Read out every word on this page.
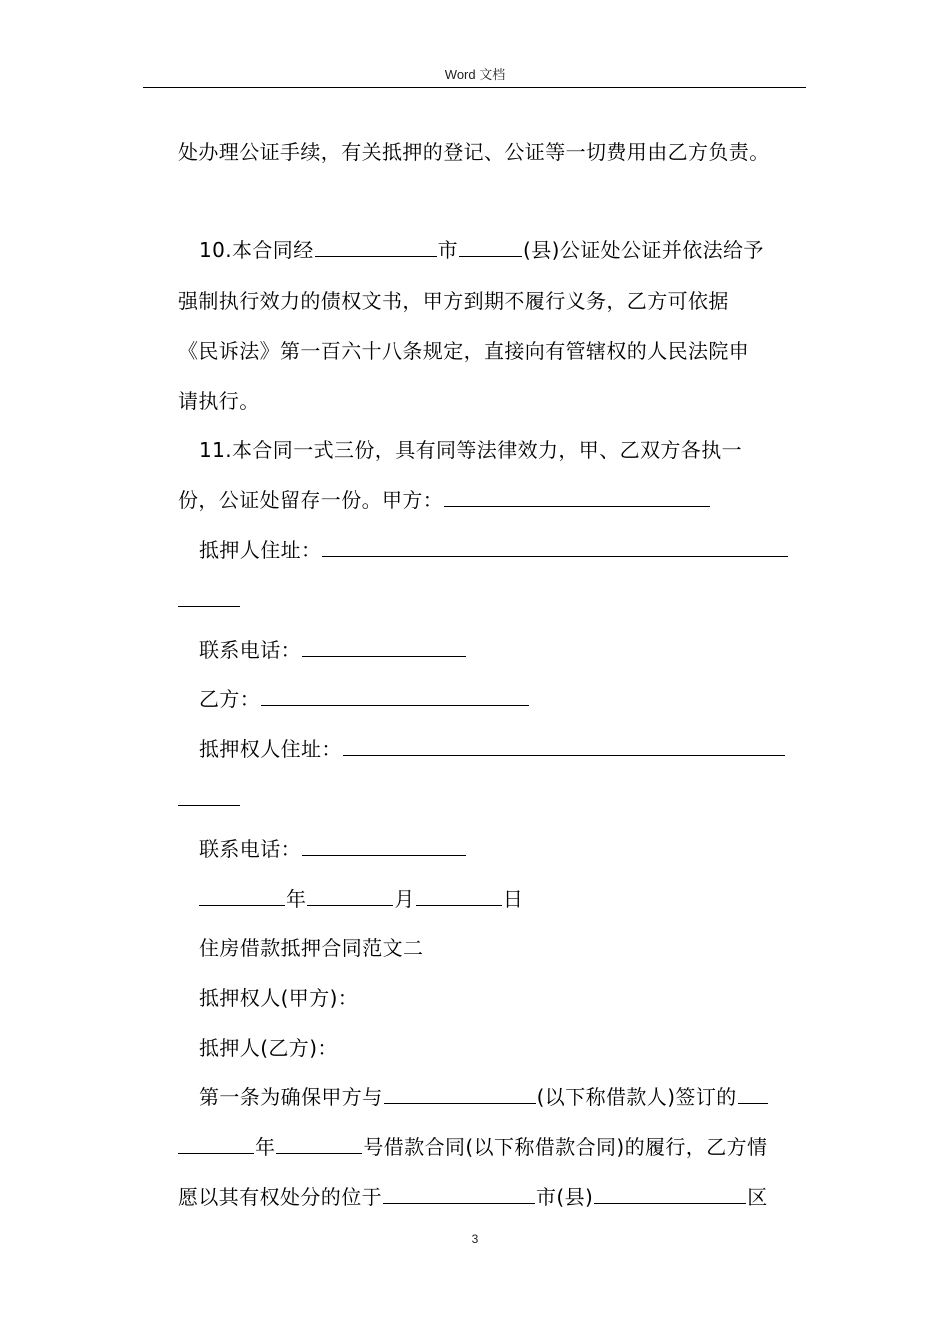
Word 文档
处办理公证手续，有关抵押的登记、公证等一切费用由乙方负责。
10.本合同经	市	(县)公证处公证并依法给予
强制执行效力的债权文书，甲方到期不履行义务，乙方可依据
《民诉法》第一百六十八条规定，直接向有管辖权的人民法院申
请执行。
11.本合同一式三份，具有同等法律效力，甲、乙双方各执一
份，公证处留存一份。甲方：
抵押人住址：
联系电话：
乙方：
抵押权人住址：
联系电话：
年	月	日
住房借款抵押合同范文二
抵押权人(甲方)：
抵押人(乙方)：
第一条为确保甲方与	(以下称借款人)签订的
年	号借款合同(以下称借款合同)的履行，乙方情
愿以其有权处分的位于	市(县)	区
3
